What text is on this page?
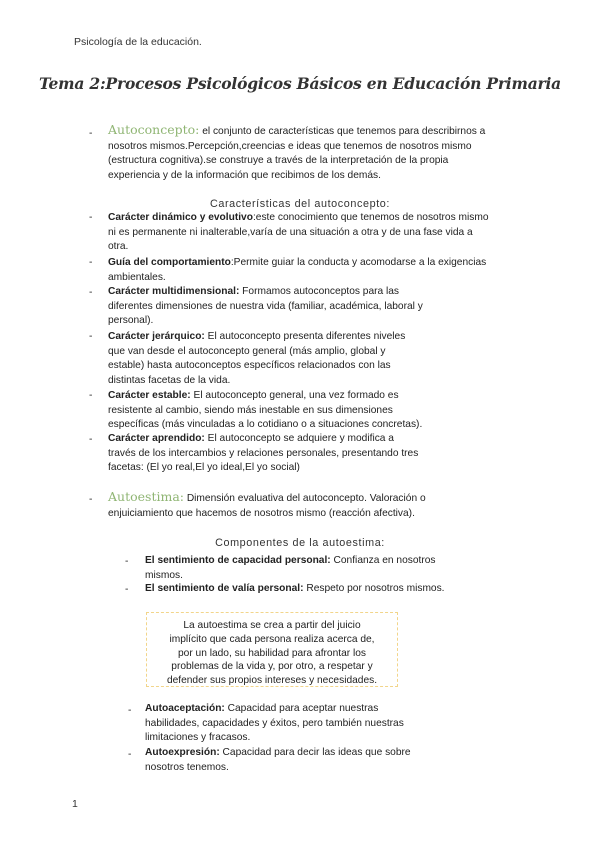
Psicología de la educación.
Tema 2:Procesos Psicológicos Básicos en Educación Primaria
- Autoconcepto: el conjunto de características que tenemos para describirnos a
nosotros mismos.Percepción,creencias e ideas que tenemos de nosotros mismo
(estructura cognitiva).se construye a través de la interpretación de la propia
experiencia y de la información que recibimos de los demás.
Características del autoconcepto:
- Carácter dinámico y evolutivo:este conocimiento que tenemos de nosotros mismo
ni es permanente ni inalterable,varía de una situación a otra y de una fase vida a
otra.
- Guía del comportamiento:Permite guiar la conducta y acomodarse a la exigencias
ambientales.
- Carácter multidimensional: Formamos autoconceptos para las
diferentes dimensiones de nuestra vida (familiar, académica, laboral y
personal).
- Carácter jerárquico: El autoconcepto presenta diferentes niveles
que van desde el autoconcepto general (más amplio, global y
estable) hasta autoconceptos específicos relacionados con las
distintas facetas de la vida.
- Carácter estable: El autoconcepto general, una vez formado es
resistente al cambio, siendo más inestable en sus dimensiones
específicas (más vinculadas a lo cotidiano o a situaciones concretas).
- Carácter aprendido: El autoconcepto se adquiere y modifica a
través de los intercambios y relaciones personales, presentando tres
facetas: (El yo real,El yo ideal,El yo social)
- Autoestima: Dimensión evaluativa del autoconcepto. Valoración o
enjuiciamiento que hacemos de nosotros mismo (reacción afectiva).
Componentes de la autoestima:
- El sentimiento de capacidad personal: Confianza en nosotros
mismos.
- El sentimiento de valía personal: Respeto por nosotros mismos.
La autoestima se crea a partir del juicio
implícito que cada persona realiza acerca de,
por un lado, su habilidad para afrontar los
problemas de la vida y, por otro, a respetar y
defender sus propios intereses y necesidades.
- Autoaceptación: Capacidad para aceptar nuestras
habilidades, capacidades y éxitos, pero también nuestras
limitaciones y fracasos.
- Autoexpresión: Capacidad para decir las ideas que sobre
nosotros tenemos.
1
